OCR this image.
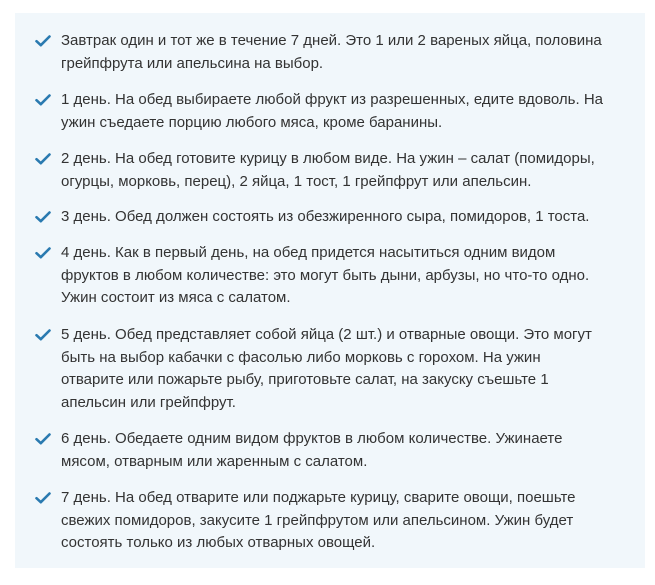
Завтрак один и тот же в течение 7 дней. Это 1 или 2 вареных яйца, половина
грейпфрута или апельсина на выбор.
1 день. На обед выбираете любой фрукт из разрешенных, едите вдоволь. На
ужин съедаете порцию любого мяса, кроме баранины.
2 день. На обед готовите курицу в любом виде. На ужин – салат (помидоры,
огурцы, морковь, перец), 2 яйца, 1 тост, 1 грейпфрут или апельсин.
3 день. Обед должен состоять из обезжиренного сыра, помидоров, 1 тоста.
4 день. Как в первый день, на обед придется насытиться одним видом
фруктов в любом количестве: это могут быть дыни, арбузы, но что-то одно.
Ужин состоит из мяса с салатом.
5 день. Обед представляет собой яйца (2 шт.) и отварные овощи. Это могут
быть на выбор кабачки с фасолью либо морковь с горохом. На ужин
отварите или пожарьте рыбу, приготовьте салат, на закуску съешьте 1
апельсин или грейпфрут.
6 день. Обедаете одним видом фруктов в любом количестве. Ужинаете
мясом, отварным или жаренным с салатом.
7 день. На обед отварите или поджарьте курицу, сварите овощи, поешьте
свежих помидоров, закусите 1 грейпфрутом или апельсином. Ужин будет
состоять только из любых отварных овощей.
